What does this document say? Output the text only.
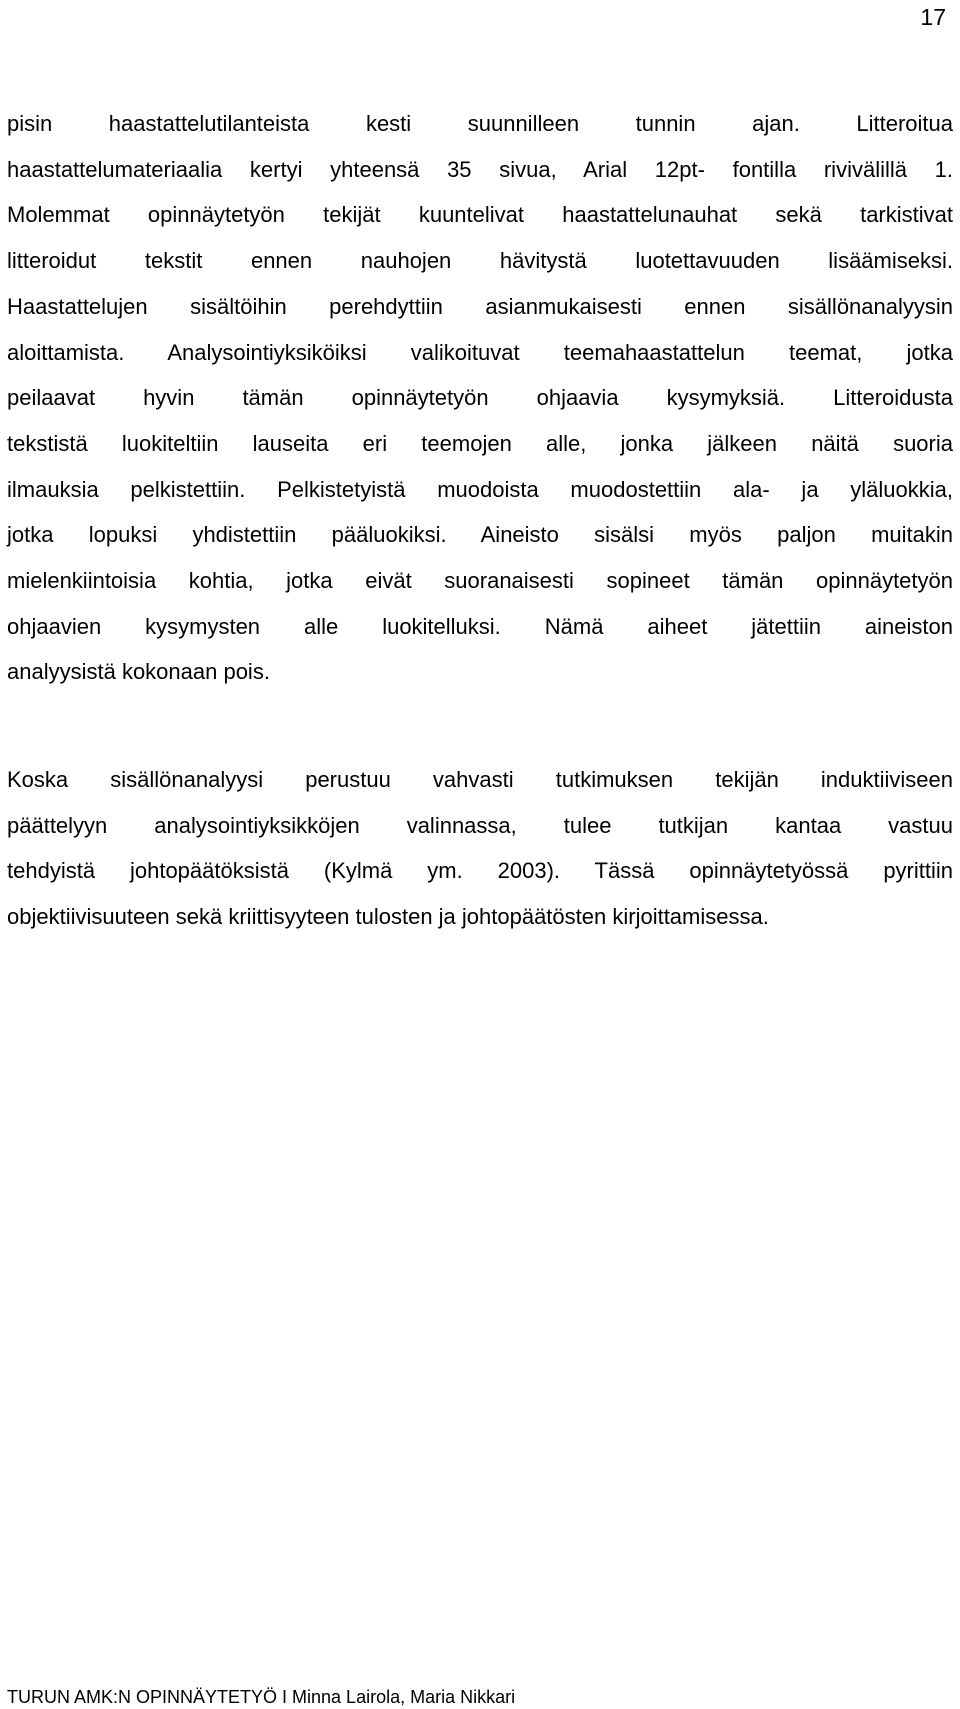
17
pisin haastattelutilanteista kesti suunnilleen tunnin ajan. Litteroitua
haastattelumateriaalia kertyi yhteensä 35 sivua, Arial 12pt- fontilla rivivälillä 1.
Molemmat opinnäytetyön tekijät kuuntelivat haastattelunauhat sekä tarkistivat
litteroidut tekstit ennen nauhojen hävitystä luotettavuuden lisäämiseksi.
Haastattelujen sisältöihin perehdyttiin asianmukaisesti ennen sisällönanalyysin
aloittamista. Analysointiyksiköiksi valikoituvat teemahaastattelun teemat, jotka
peilaavat hyvin tämän opinnäytetyön ohjaavia kysymyksiä. Litteroidusta
tekstistä luokiteltiin lauseita eri teemojen alle, jonka jälkeen näitä suoria
ilmauksia pelkistettiin. Pelkistetyistä muodoista muodostettiin ala- ja yläluokkia,
jotka lopuksi yhdistettiin pääluokiksi. Aineisto sisälsi myös paljon muitakin
mielenkiintoisia kohtia, jotka eivät suoranaisesti sopineet tämän opinnäytetyön
ohjaavien kysymysten alle luokitelluksi. Nämä aiheet jätettiin aineiston
analyysistä kokonaan pois.
Koska sisällönanalyysi perustuu vahvasti tutkimuksen tekijän induktiiviseen
päättelyyn analysointiyksikköjen valinnassa, tulee tutkijan kantaa vastuu
tehdyistä johtopäätöksistä (Kylmä ym. 2003). Tässä opinnäytetyössä pyrittiin
objektiivisuuteen sekä kriittisyyteen tulosten ja johtopäätösten kirjoittamisessa.
TURUN AMK:N OPINNÄYTETYÖ I Minna Lairola, Maria Nikkari
